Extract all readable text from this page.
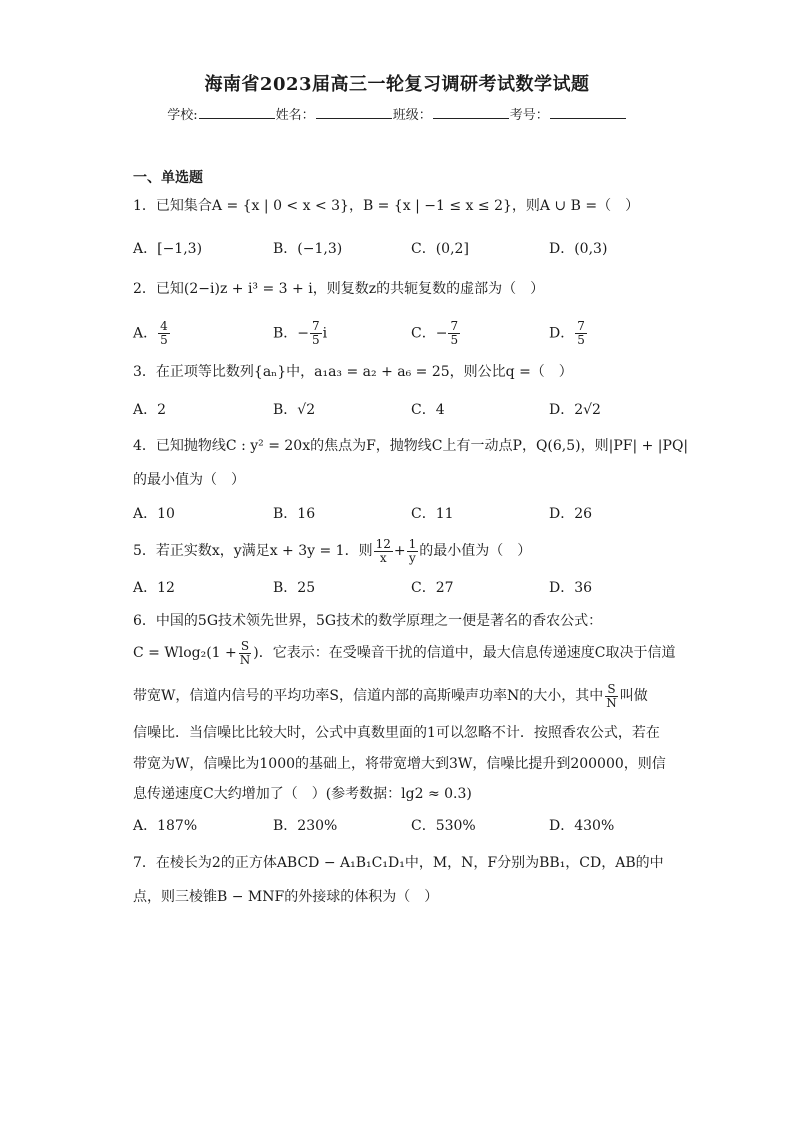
海南省2023届高三一轮复习调研考试数学试题
学校:	姓名：	班级：	考号：
一、单选题
1．已知集合A = {x | 0 < x < 3}，B = {x | −1 ≤ x ≤ 2}，则A ∪ B =（　）
A．[−1,3)	B．(−1,3)	C．(0,2]	D．(0,3)
2．已知(2−i)z + i³ = 3 + i，则复数z的共轭复数的虚部为（　）
A． $\frac{4}{5}$	B．− $\frac{7}{5}$ i	C．− $\frac{7}{5}$	D． $\frac{7}{5}$
3．在正项等比数列{aₙ}中，a₁a₃ = a₂ + a₆ = 25，则公比q =（　）
A．2	B．√2	C．4	D．2√2
4．已知抛物线C : y² = 20x的焦点为F，抛物线C上有一动点P，Q(6,5)，则|PF| + |PQ|
的最小值为（　）
A．10	B．16	C．11	D．26
5．若正实数x，y满足x + 3y = 1．则 $\frac{12}{x} + \frac{1}{y}$ 的最小值为（　）
A．12	B．25	C．27	D．36
6．中国的5G技术领先世界，5G技术的数学原理之一便是著名的香农公式：
$C = Wlog_2(1 + \frac{S}{N}$ )．它表示：在受噪音干扰的信道中，最大信息传递速度C取决于信道
带宽W，信道内信号的平均功率S，信道内部的高斯噪声功率N的大小，其中 $\frac{S}{N}$ 叫做
信噪比．当信噪比比较大时，公式中真数里面的1可以忽略不计．按照香农公式，若在
带宽为W，信噪比为1000的基础上，将带宽增大到3W，信噪比提升到200000，则信
息传递速度C大约增加了（　）(参考数据：lg2 ≈ 0.3)
A．187%	B．230%	C．530%	D．430%
7．在棱长为2的正方体ABCD − A₁B₁C₁D₁中，M，N，F分别为BB₁，CD，AB的中
点，则三棱锥B − MNF的外接球的体积为（　）
